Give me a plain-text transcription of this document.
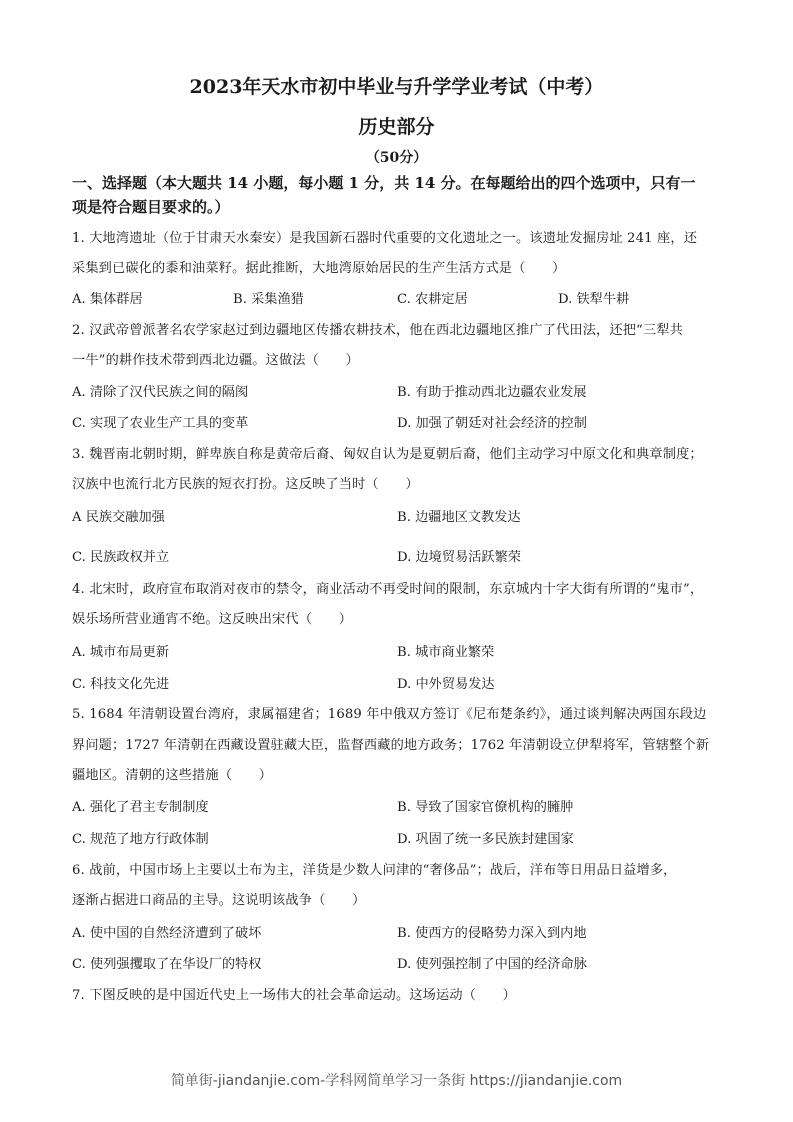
2023年天水市初中毕业与升学学业考试（中考）
历史部分
（50分）
一、选择题（本大题共 14 小题，每小题 1 分，共 14 分。在每题给出的四个选项中，只有一
项是符合题目要求的。）
1. 大地湾遗址（位于甘肃天水秦安）是我国新石器时代重要的文化遗址之一。该遗址发掘房址 241 座，还
采集到已碳化的黍和油菜籽。据此推断，大地湾原始居民的生产生活方式是（　　）
A. 集体群居	B. 采集渔猎	C. 农耕定居	D. 铁犁牛耕
2. 汉武帝曾派著名农学家赵过到边疆地区传播农耕技术，他在西北边疆地区推广了代田法，还把“三犁共
一牛”的耕作技术带到西北边疆。这做法（　　）
A. 清除了汉代民族之间的隔阂	B. 有助于推动西北边疆农业发展
C. 实现了农业生产工具的变革	D. 加强了朝廷对社会经济的控制
3. 魏晋南北朝时期，鲜卑族自称是黄帝后裔、匈奴自认为是夏朝后裔，他们主动学习中原文化和典章制度；
汉族中也流行北方民族的短衣打扮。这反映了当时（　　）
A 民族交融加强	B. 边疆地区文教发达
C. 民族政权并立	D. 边境贸易活跃繁荣
4. 北宋时，政府宣布取消对夜市的禁令，商业活动不再受时间的限制，东京城内十字大街有所谓的“鬼市”，
娱乐场所营业通宵不绝。这反映出宋代（　　）
A. 城市布局更新	B. 城市商业繁荣
C. 科技文化先进	D. 中外贸易发达
5. 1684 年清朝设置台湾府，隶属福建省；1689 年中俄双方签订《尼布楚条约》，通过谈判解决两国东段边
界问题；1727 年清朝在西藏设置驻藏大臣，监督西藏的地方政务；1762 年清朝设立伊犁将军，管辖整个新
疆地区。清朝的这些措施（　　）
A. 强化了君主专制制度	B. 导致了国家官僚机构的臃肿
C. 规范了地方行政体制	D. 巩固了统一多民族封建国家
6. 战前，中国市场上主要以土布为主，洋货是少数人问津的“奢侈品”；战后，洋布等日用品日益增多，
逐渐占据进口商品的主导。这说明该战争（　　）
A. 使中国的自然经济遭到了破坏	B. 使西方的侵略势力深入到内地
C. 使列强攫取了在华设厂的特权	D. 使列强控制了中国的经济命脉
7. 下图反映的是中国近代史上一场伟大的社会革命运动。这场运动（　　）
简单街-jiandanjie.com-学科网简单学习一条街 https://jiandanjie.com
